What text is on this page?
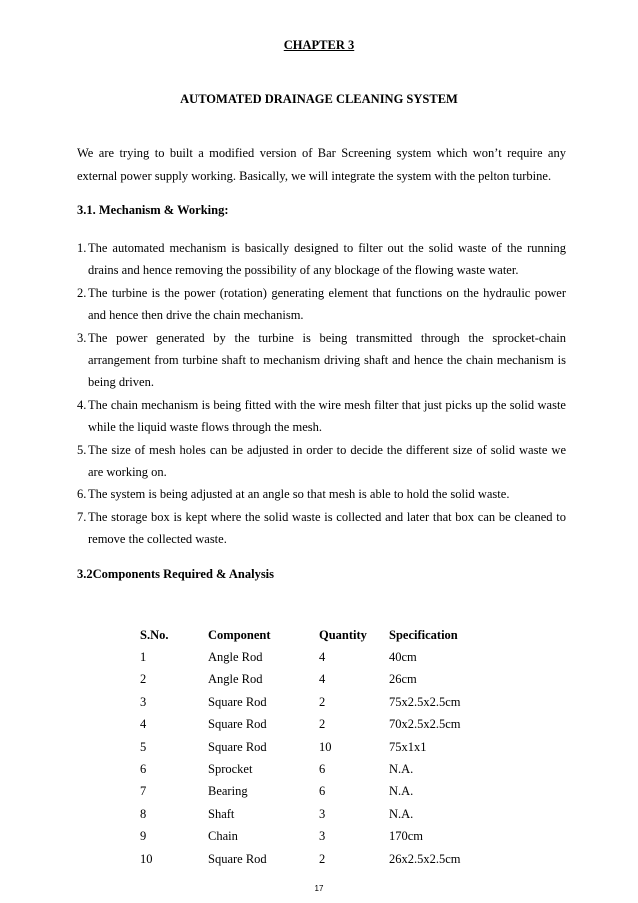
CHAPTER 3
AUTOMATED DRAINAGE CLEANING SYSTEM

We are trying to built a modified version of Bar Screening system which won’t require any external power supply working. Basically, we will integrate the system with the pelton turbine.

3.1. Mechanism & Working:
1. The automated mechanism is basically designed to filter out the solid waste of the running drains and hence removing the possibility of any blockage of the flowing waste water.
2. The turbine is the power (rotation) generating element that functions on the hydraulic power and hence then drive the chain mechanism.
3. The power generated by the turbine is being transmitted through the sprocket-chain arrangement from turbine shaft to mechanism driving shaft and hence the chain mechanism is being driven.
4. The chain mechanism is being fitted with the wire mesh filter that just picks up the solid waste while the liquid waste flows through the mesh.
5. The size of mesh holes can be adjusted in order to decide the different size of solid waste we are working on.
6. The system is being adjusted at an angle so that mesh is able to hold the solid waste.
7. The storage box is kept where the solid waste is collected and later that box can be cleaned to remove the collected waste.
3.2Components Required & Analysis
S.No.	Component	Quantity	Specification
1	Angle Rod	4	40cm
2	Angle Rod	4	26cm
3	Square Rod	2	75x2.5x2.5cm
4	Square Rod	2	70x2.5x2.5cm
5	Square Rod	10	75x1x1
6	Sprocket	6	N.A.
7	Bearing	6	N.A.
8	Shaft	3	N.A.
9	Chain	3	170cm
10	Square Rod	2	26x2.5x2.5cm
17
